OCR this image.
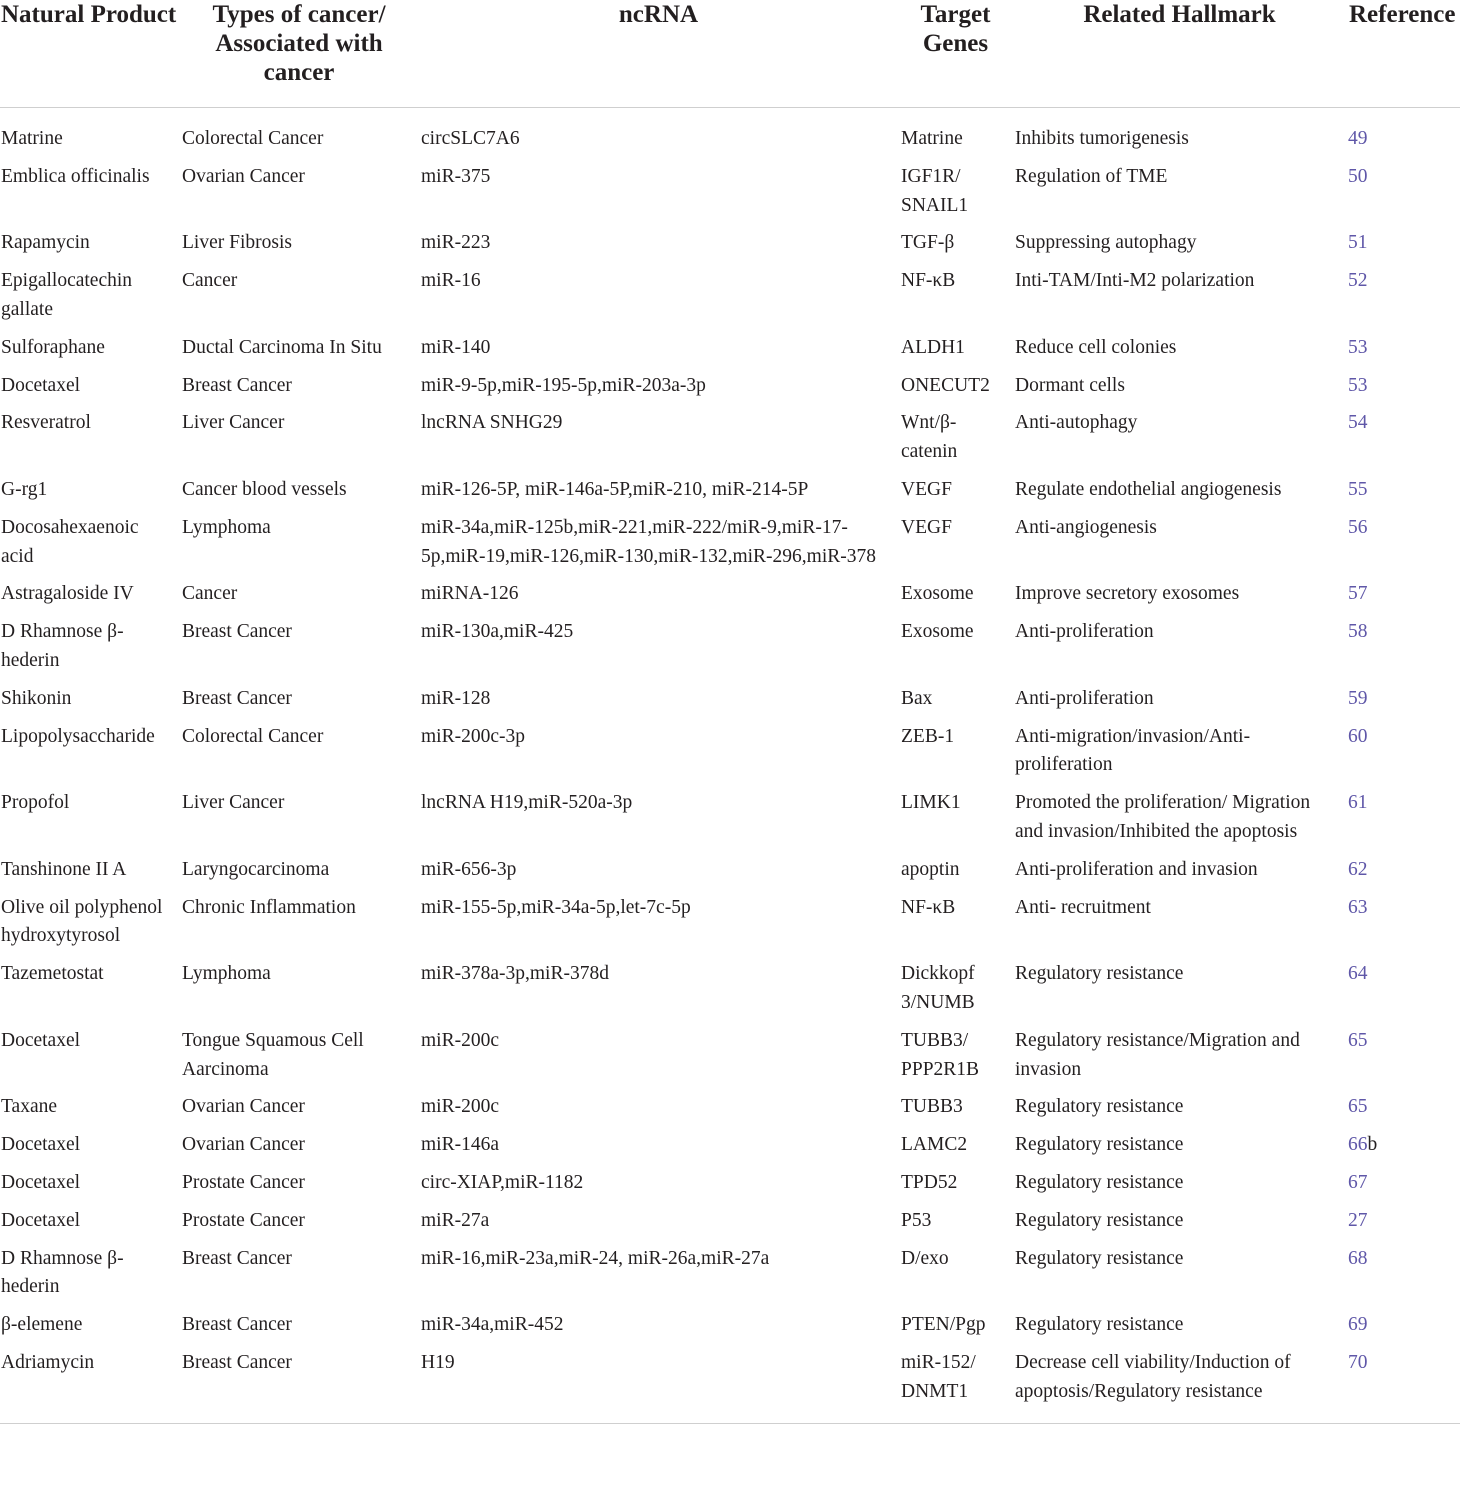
Natural Product	Types of cancer/ Associated with cancer	ncRNA	Target Genes	Related Hallmark	Reference
Matrine	Colorectal Cancer	circSLC7A6	Matrine	Inhibits tumorigenesis	49
Emblica officinalis	Ovarian Cancer	miR-375	IGF1R/ SNAIL1	Regulation of TME	50
Rapamycin	Liver Fibrosis	miR-223	TGF-β	Suppressing autophagy	51
Epigallocatechin gallate	Cancer	miR-16	NF-κB	Inti-TAM/Inti-M2 polarization	52
Sulforaphane	Ductal Carcinoma In Situ	miR-140	ALDH1	Reduce cell colonies	53
Docetaxel	Breast Cancer	miR-9-5p,miR-195-5p,miR-203a-3p	ONECUT2	Dormant cells	53
Resveratrol	Liver Cancer	lncRNA SNHG29	Wnt/β-catenin	Anti-autophagy	54
G-rg1	Cancer blood vessels	miR-126-5P, miR-146a-5P,miR-210, miR-214-5P	VEGF	Regulate endothelial angiogenesis	55
Docosahexaenoic acid	Lymphoma	miR-34a,miR-125b,miR-221,miR-222/miR-9,miR-17-5p,miR-19,miR-126,miR-130,miR-132,miR-296,miR-378	VEGF	Anti-angiogenesis	56
Astragaloside IV	Cancer	miRNA-126	Exosome	Improve secretory exosomes	57
D Rhamnose β-hederin	Breast Cancer	miR-130a,miR-425	Exosome	Anti-proliferation	58
Shikonin	Breast Cancer	miR-128	Bax	Anti-proliferation	59
Lipopolysaccharide	Colorectal Cancer	miR-200c-3p	ZEB-1	Anti-migration/invasion/Anti-proliferation	60
Propofol	Liver Cancer	lncRNA H19,miR-520a-3p	LIMK1	Promoted the proliferation/ Migration and invasion/Inhibited the apoptosis	61
Tanshinone II A	Laryngocarcinoma	miR-656-3p	apoptin	Anti-proliferation and invasion	62
Olive oil polyphenol hydroxytyrosol	Chronic Inflammation	miR-155-5p,miR-34a-5p,let-7c-5p	NF-κB	Anti- recruitment	63
Tazemetostat	Lymphoma	miR-378a-3p,miR-378d	Dickkopf 3/NUMB	Regulatory resistance	64
Docetaxel	Tongue Squamous Cell Aarcinoma	miR-200c	TUBB3/ PPP2R1B	Regulatory resistance/Migration and invasion	65
Taxane	Ovarian Cancer	miR-200c	TUBB3	Regulatory resistance	65
Docetaxel	Ovarian Cancer	miR-146a	LAMC2	Regulatory resistance	66b
Docetaxel	Prostate Cancer	circ-XIAP,miR-1182	TPD52	Regulatory resistance	67
Docetaxel	Prostate Cancer	miR-27a	P53	Regulatory resistance	27
D Rhamnose β-hederin	Breast Cancer	miR-16,miR-23a,miR-24, miR-26a,miR-27a	D/exo	Regulatory resistance	68
β-elemene	Breast Cancer	miR-34a,miR-452	PTEN/Pgp	Regulatory resistance	69
Adriamycin	Breast Cancer	H19	miR-152/ DNMT1	Decrease cell viability/Induction of apoptosis/Regulatory resistance	70
